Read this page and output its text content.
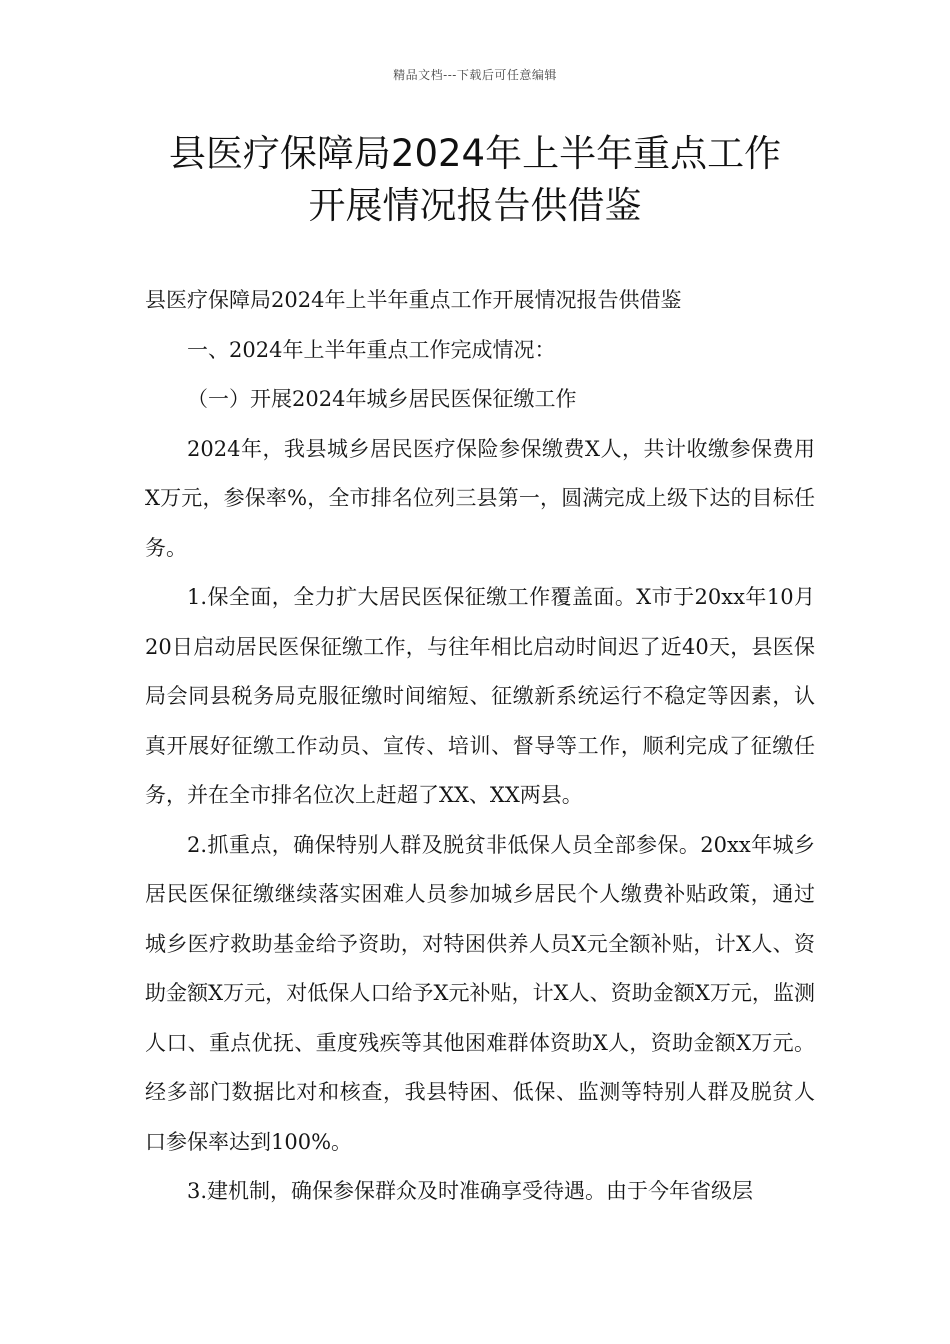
精品文档---下载后可任意编辑
县医疗保障局2024年上半年重点工作
开展情况报告供借鉴

县医疗保障局2024年上半年重点工作开展情况报告供借鉴

一、2024年上半年重点工作完成情况：

（一）开展2024年城乡居民医保征缴工作

2024年，我县城乡居民医疗保险参保缴费X人，共计收缴参保费用X万元，参保率%，全市排名位列三县第一，圆满完成上级下达的目标任务。

1.保全面，全力扩大居民医保征缴工作覆盖面。X市于20xx年10月20日启动居民医保征缴工作，与往年相比启动时间迟了近40天，县医保局会同县税务局克服征缴时间缩短、征缴新系统运行不稳定等因素，认真开展好征缴工作动员、宣传、培训、督导等工作，顺利完成了征缴任务，并在全市排名位次上赶超了XX、XX两县。

2.抓重点，确保特别人群及脱贫非低保人员全部参保。20xx年城乡居民医保征缴继续落实困难人员参加城乡居民个人缴费补贴政策，通过城乡医疗救助基金给予资助，对特困供养人员X元全额补贴，计X人、资助金额X万元，对低保人口给予X元补贴，计X人、资助金额X万元，监测人口、重点优抚、重度残疾等其他困难群体资助X人，资助金额X万元。经多部门数据比对和核查，我县特困、低保、监测等特别人群及脱贫人口参保率达到100%。

3.建机制，确保参保群众及时准确享受待遇。由于今年省级层
